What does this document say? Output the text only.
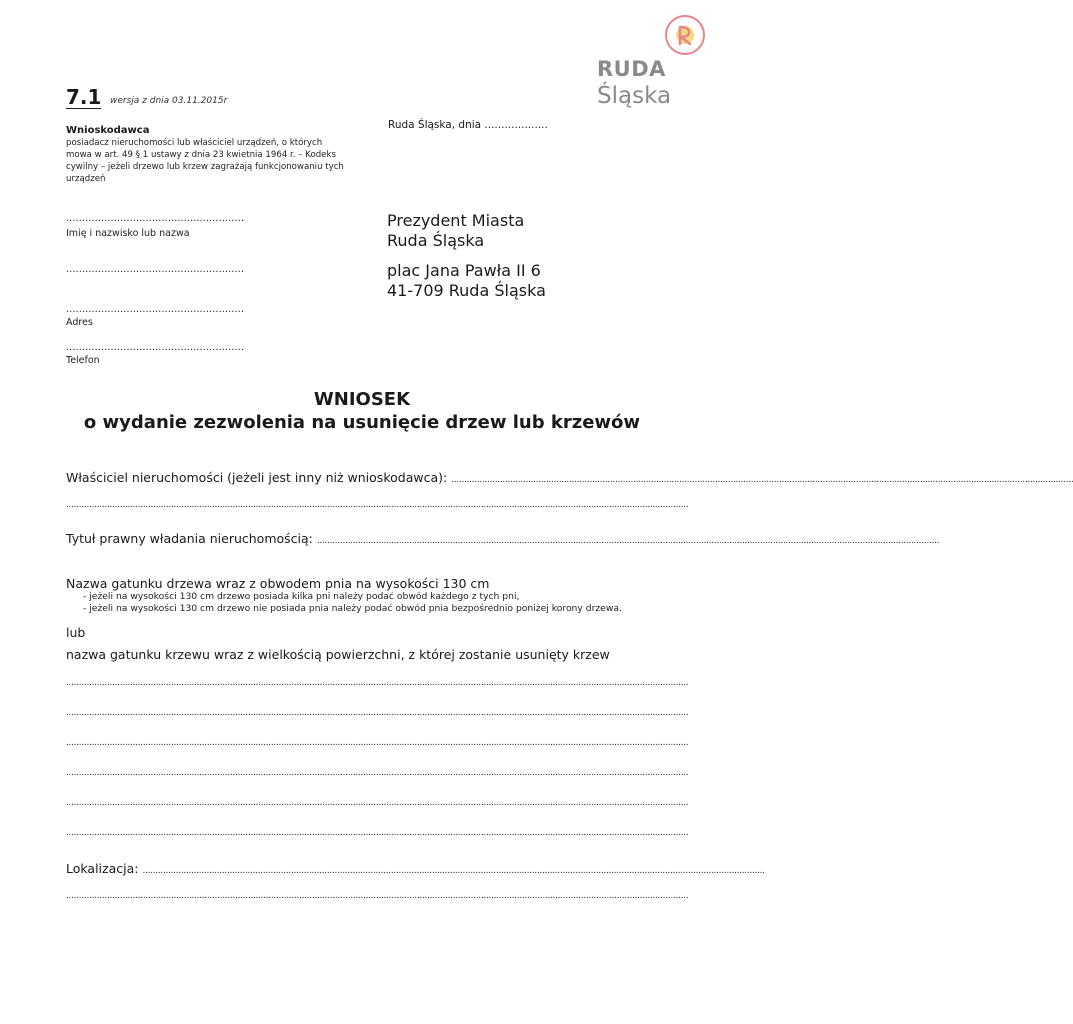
RUDA
Śląska
7.1 wersja z dnia 03.11.2015r
Wnioskodawca
posiadacz nieruchomości lub właściciel urządzeń, o których mowa w art. 49 § 1 ustawy z dnia 23 kwietnia 1964 r. – Kodeks cywilny – jeżeli drzewo lub krzew zagrażają funkcjonowaniu tych urządzeń
Ruda Śląska, dnia ...................
........................................................
Imię i nazwisko lub nazwa
........................................................
........................................................
Adres
........................................................
Telefon
Prezydent Miasta
Ruda Śląska
plac Jana Pawła II 6
41-709 Ruda Śląska
WNIOSEK
o wydanie zezwolenia na usunięcie drzew lub krzewów
Właściciel nieruchomości (jeżeli jest inny niż wnioskodawca): ...................................................................................................................................................................................................................................................
...................................................................................................................................................................................................................................................
Tytuł prawny władania nieruchomością: ...................................................................................................................................................................................................................................................
Nazwa gatunku drzewa wraz z obwodem pnia na wysokości 130 cm
- jeżeli na wysokości 130 cm drzewo posiada kilka pni należy podać obwód każdego z tych pni,
- jeżeli na wysokości 130 cm drzewo nie posiada pnia należy podać obwód pnia bezpośrednio poniżej korony drzewa.
lub
nazwa gatunku krzewu wraz z wielkością powierzchni, z której zostanie usunięty krzew
...................................................................................................................................................................................................................................................
...................................................................................................................................................................................................................................................
...................................................................................................................................................................................................................................................
...................................................................................................................................................................................................................................................
...................................................................................................................................................................................................................................................
...................................................................................................................................................................................................................................................
Lokalizacja: ...................................................................................................................................................................................................................................................
...................................................................................................................................................................................................................................................
